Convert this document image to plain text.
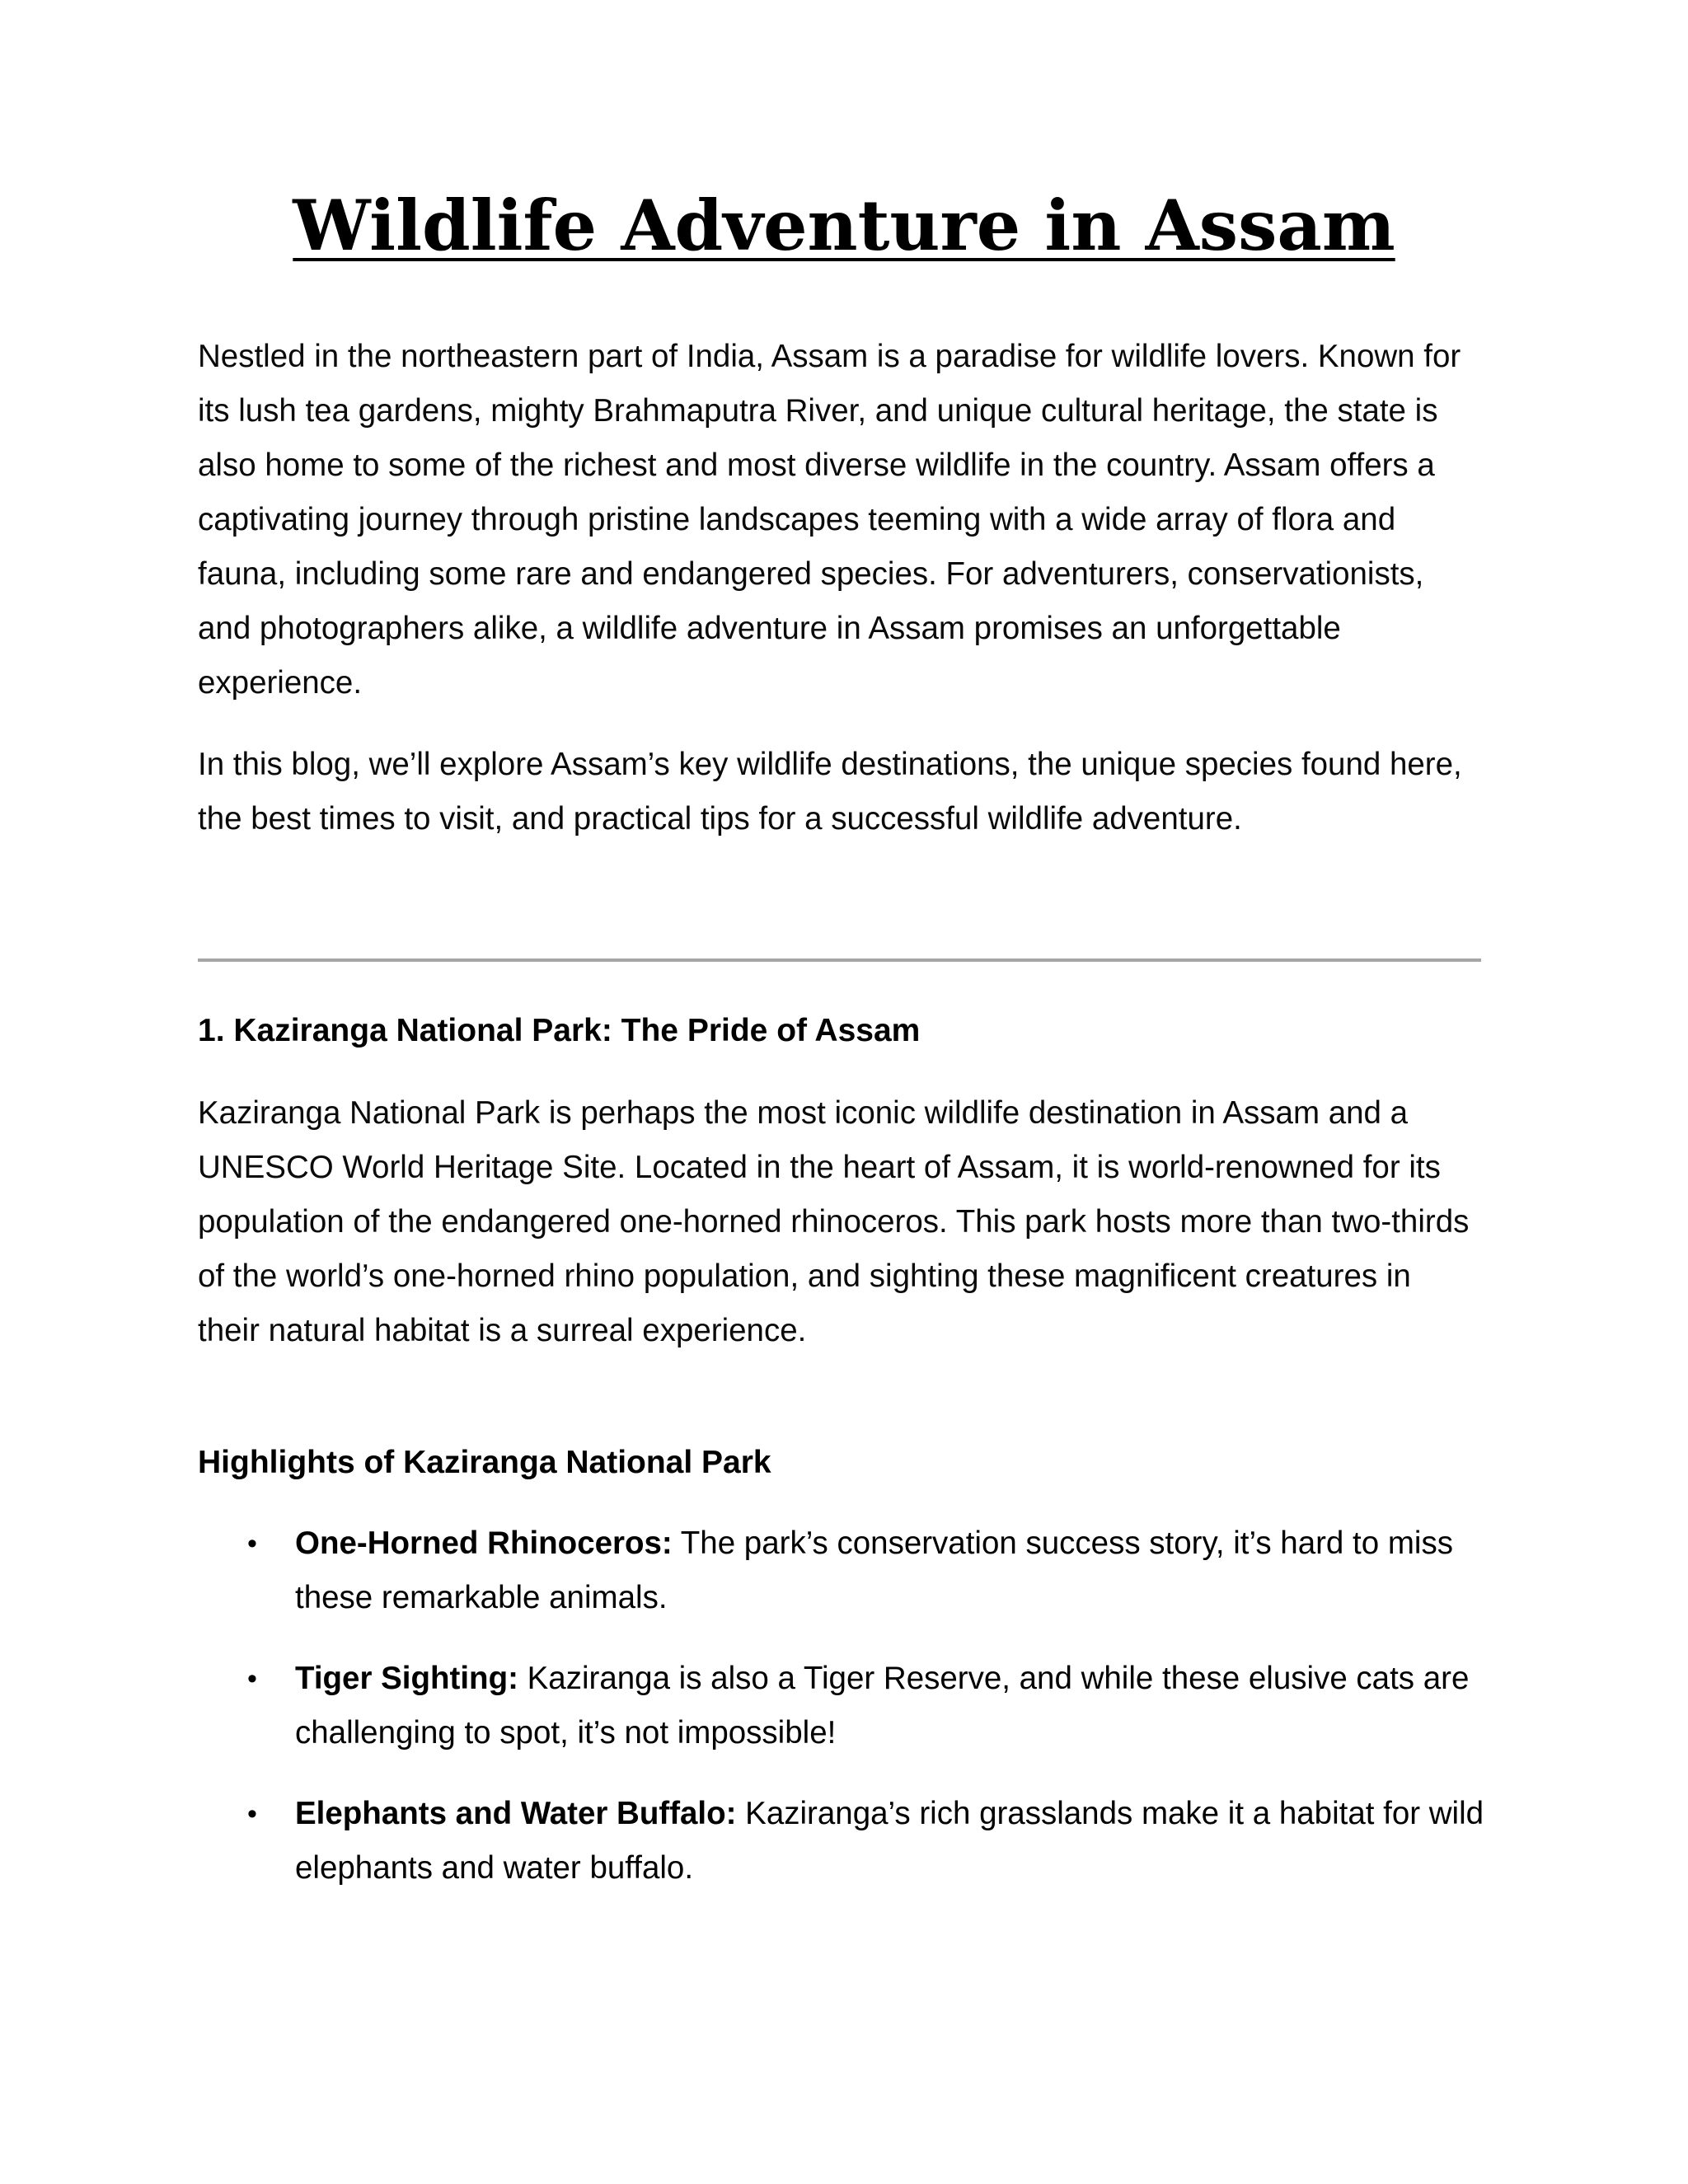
Wildlife Adventure in Assam

Nestled in the northeastern part of India, Assam is a paradise for wildlife lovers. Known for its lush tea gardens, mighty Brahmaputra River, and unique cultural heritage, the state is also home to some of the richest and most diverse wildlife in the country. Assam offers a captivating journey through pristine landscapes teeming with a wide array of flora and fauna, including some rare and endangered species. For adventurers, conservationists, and photographers alike, a wildlife adventure in Assam promises an unforgettable experience.

In this blog, we’ll explore Assam’s key wildlife destinations, the unique species found here, the best times to visit, and practical tips for a successful wildlife adventure.

1. Kaziranga National Park: The Pride of Assam

Kaziranga National Park is perhaps the most iconic wildlife destination in Assam and a UNESCO World Heritage Site. Located in the heart of Assam, it is world-renowned for its population of the endangered one-horned rhinoceros. This park hosts more than two-thirds of the world’s one-horned rhino population, and sighting these magnificent creatures in their natural habitat is a surreal experience.

Highlights of Kaziranga National Park
• One-Horned Rhinoceros: The park’s conservation success story, it’s hard to miss these remarkable animals.
• Tiger Sighting: Kaziranga is also a Tiger Reserve, and while these elusive cats are challenging to spot, it’s not impossible!
• Elephants and Water Buffalo: Kaziranga’s rich grasslands make it a habitat for wild elephants and water buffalo.
